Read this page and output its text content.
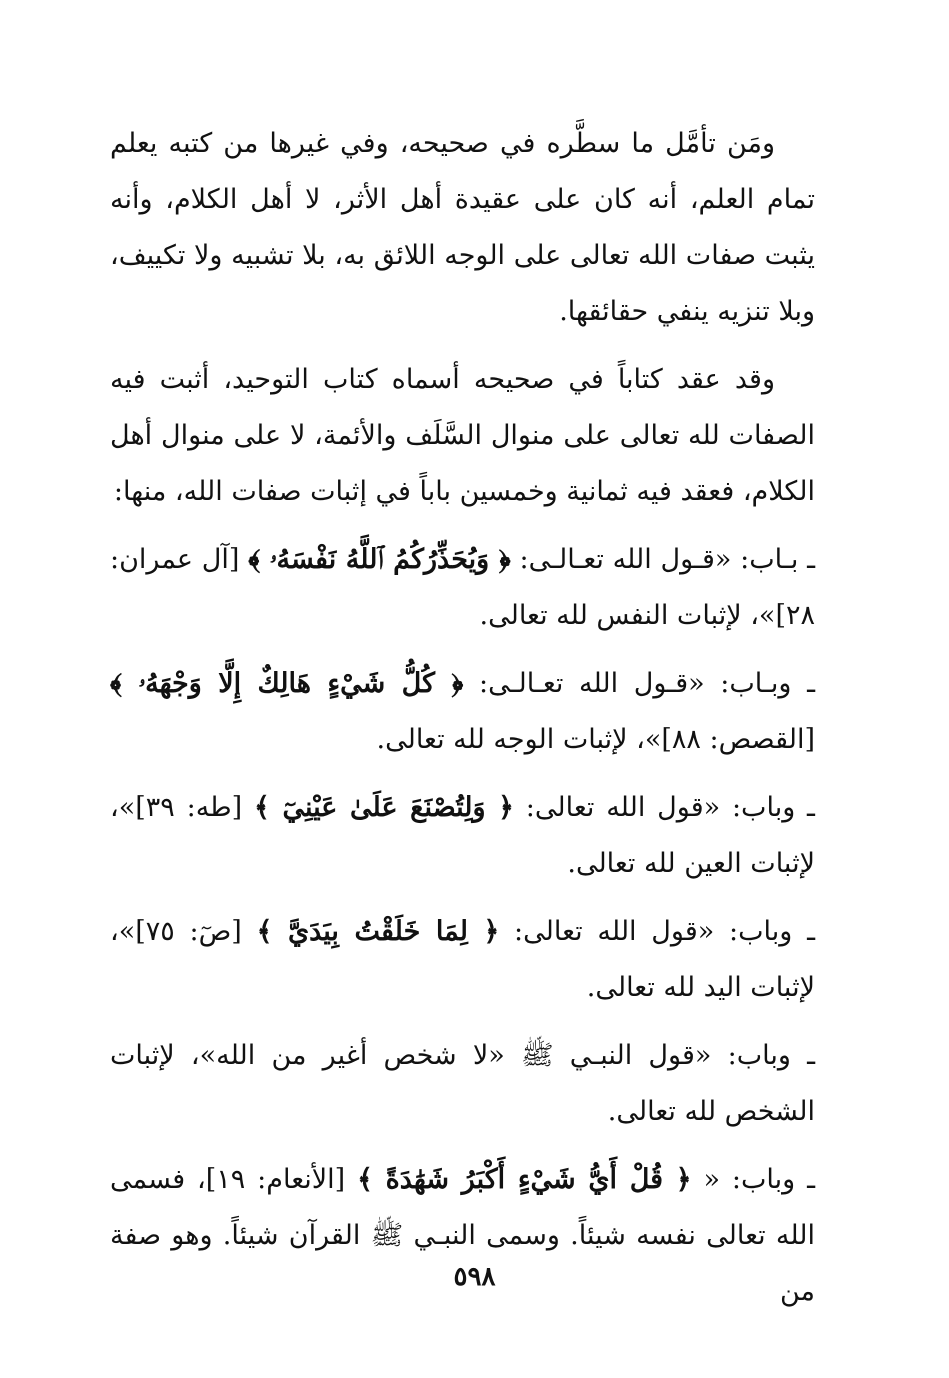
ومَن تأمَّل ما سطَّره في صحيحه، وفي غيرها من كتبه يعلم تمام العلم، أنه كان على عقيدة أهل الأثر، لا أهل الكلام، وأنه يثبت صفات الله تعالى على الوجه اللائق به، بلا تشبيه ولا تكييف، وبلا تنزيه ينفي حقائقها.

وقد عقد كتاباً في صحيحه أسماه كتاب التوحيد، أثبت فيه الصفات لله تعالى على منوال السَّلَف والأئمة، لا على منوال أهل الكلام، فعقد فيه ثمانية وخمسين باباً في إثبات صفات الله، منها:

ـ بـاب: «قـول الله تعـالـى: ﴿ وَيُحَذِّرُكُمُ ٱللَّهُ نَفْسَهُۥ ﴾ [آل عمران: ٢٨]»، لإثبات النفس لله تعالى.

ـ وبـاب: «قـول الله تعـالـى: ﴿ كُلُّ شَيْءٍ هَالِكٌ إِلَّا وَجْهَهُۥ ﴾ [القصص: ٨٨]»، لإثبات الوجه لله تعالى.

ـ وباب: «قول الله تعالى: ﴿ وَلِتُصْنَعَ عَلَىٰ عَيْنِيٓ ﴾ [طه: ٣٩]»، لإثبات العين لله تعالى.

ـ وباب: «قول الله تعالى: ﴿ لِمَا خَلَقْتُ بِيَدَيَّ ﴾ [صٓ: ٧٥]»، لإثبات اليد لله تعالى.

ـ وباب: «قول النبـي ﷺ «لا شخص أغير من الله»، لإثبات الشخص لله تعالى.

ـ وباب: « ﴿ قُلْ أَيُّ شَيْءٍ أَكْبَرُ شَهَٰدَةً ﴾ [الأنعام: ١٩]، فسمى الله تعالى نفسه شيئاً. وسمى النبـي ﷺ القرآن شيئاً. وهو صفة من

٥٩٨
